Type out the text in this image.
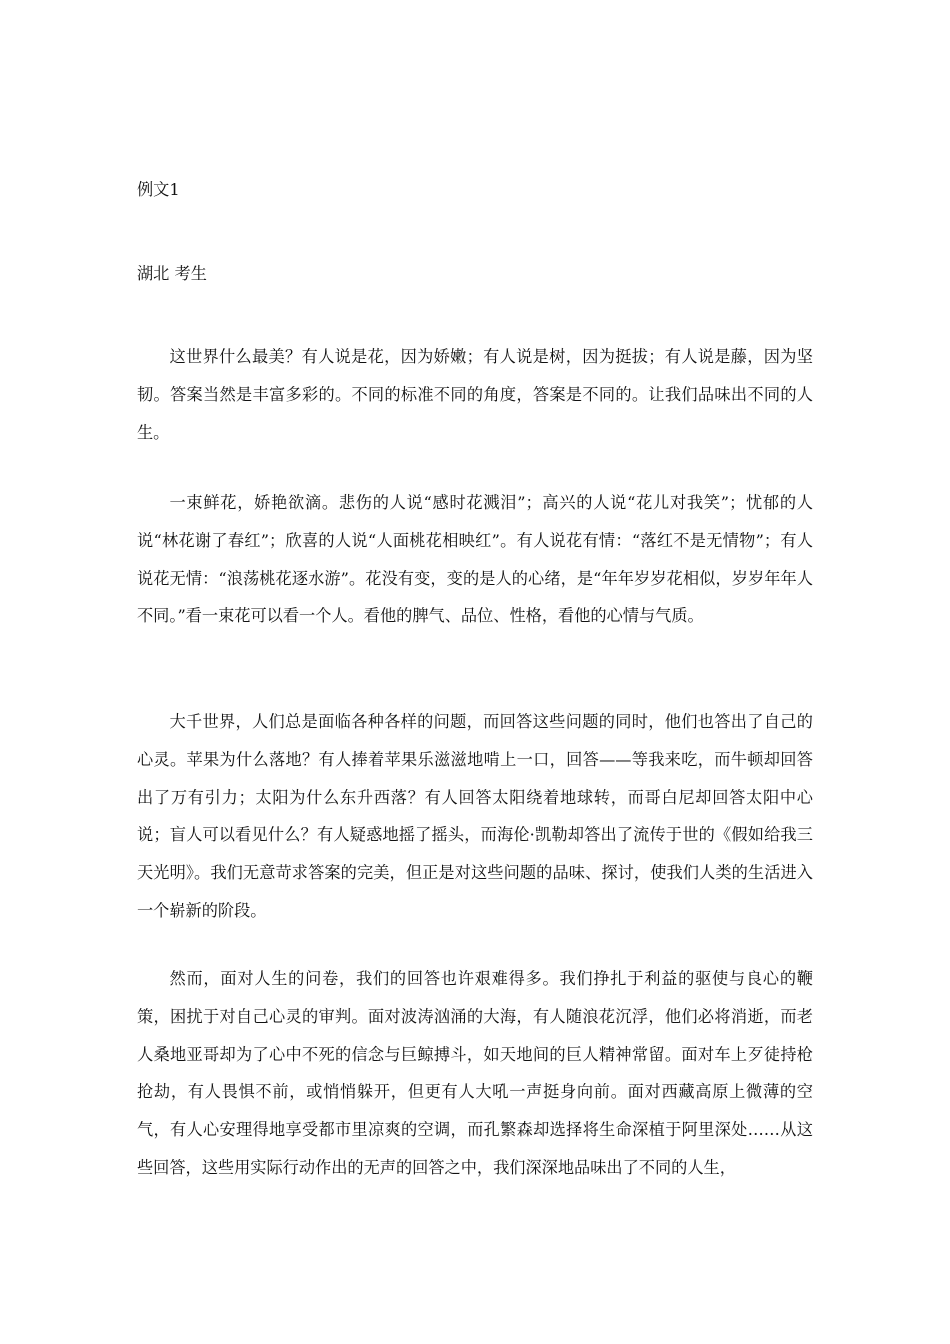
例文1

湖北 考生

这世界什么最美？有人说是花，因为娇嫩；有人说是树，因为挺拔；有人说是藤，因为坚韧。答案当然是丰富多彩的。不同的标准不同的角度，答案是不同的。让我们品味出不同的人生。

一束鲜花，娇艳欲滴。悲伤的人说“感时花溅泪”；高兴的人说“花儿对我笑”；忧郁的人说“林花谢了春红”；欣喜的人说“人面桃花相映红”。有人说花有情：“落红不是无情物”；有人说花无情：“浪荡桃花逐水游”。花没有变，变的是人的心绪，是“年年岁岁花相似，岁岁年年人不同。”看一束花可以看一个人。看他的脾气、品位、性格，看他的心情与气质。

大千世界，人们总是面临各种各样的问题，而回答这些问题的同时，他们也答出了自己的心灵。苹果为什么落地？有人捧着苹果乐滋滋地啃上一口，回答——等我来吃，而牛顿却回答出了万有引力；太阳为什么东升西落？有人回答太阳绕着地球转，而哥白尼却回答太阳中心说；盲人可以看见什么？有人疑惑地摇了摇头，而海伦·凯勒却答出了流传于世的《假如给我三天光明》。我们无意苛求答案的完美，但正是对这些问题的品味、探讨，使我们人类的生活进入一个崭新的阶段。

然而，面对人生的问卷，我们的回答也许艰难得多。我们挣扎于利益的驱使与良心的鞭策，困扰于对自己心灵的审判。面对波涛汹涌的大海，有人随浪花沉浮，他们必将消逝，而老人桑地亚哥却为了心中不死的信念与巨鲸搏斗，如天地间的巨人精神常留。面对车上歹徒持枪抢劫，有人畏惧不前，或悄悄躲开，但更有人大吼一声挺身向前。面对西藏高原上微薄的空气，有人心安理得地享受都市里凉爽的空调，而孔繁森却选择将生命深植于阿里深处……从这些回答，这些用实际行动作出的无声的回答之中，我们深深地品味出了不同的人生，
